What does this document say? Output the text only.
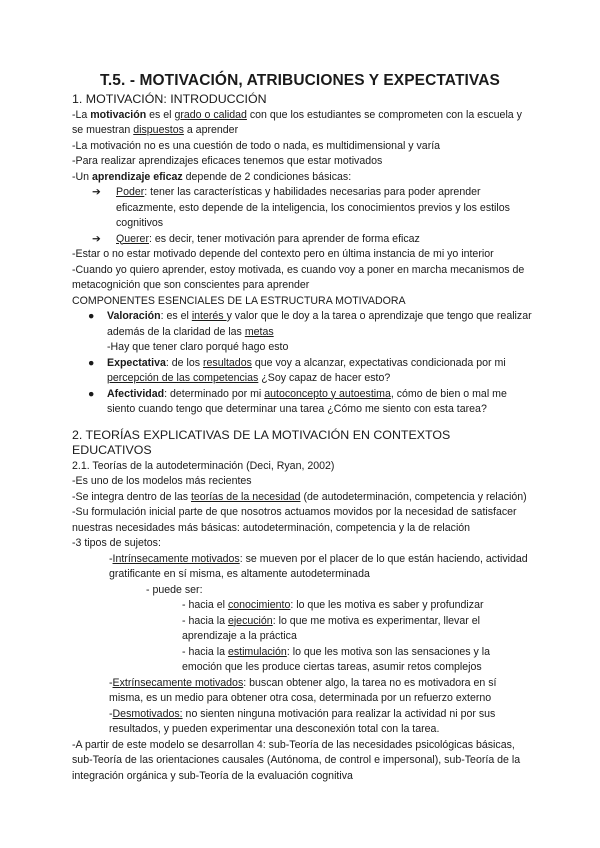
T.5. - MOTIVACIÓN, ATRIBUCIONES Y EXPECTATIVAS
1. MOTIVACIÓN: INTRODUCCIÓN

-La motivación es el grado o calidad con que los estudiantes se comprometen con la escuela y se muestran dispuestos a aprender

-La motivación no es una cuestión de todo o nada, es multidimensional y varía

-Para realizar aprendizajes eficaces tenemos que estar motivados

-Un aprendizaje eficaz depende de 2 condiciones básicas:

➔ Poder: tener las características y habilidades necesarias para poder aprender eficazmente, esto depende de la inteligencia, los conocimientos previos y los estilos cognitivos
➔ Querer: es decir, tener motivación para aprender de forma eficaz

-Estar o no estar motivado depende del contexto pero en última instancia de mi yo interior

-Cuando yo quiero aprender, estoy motivada, es cuando voy a poner en marcha mecanismos de metacognición que son conscientes para aprender

COMPONENTES ESENCIALES DE LA ESTRUCTURA MOTIVADORA

● Valoración: es el interés y valor que le doy a la tarea o aprendizaje que tengo que realizar además de la claridad de las metas
-Hay que tener claro porqué hago esto
● Expectativa: de los resultados que voy a alcanzar, expectativas condicionada por mi percepción de las competencias ¿Soy capaz de hacer esto?
● Afectividad: determinado por mi autoconcepto y autoestima, cómo de bien o mal me siento cuando tengo que determinar una tarea ¿Cómo me siento con esta tarea?
2. TEORÍAS EXPLICATIVAS DE LA MOTIVACIÓN EN CONTEXTOS EDUCATIVOS

2.1. Teorías de la autodeterminación (Deci, Ryan, 2002)

-Es uno de los modelos más recientes

-Se integra dentro de las teorías de la necesidad (de autodeterminación, competencia y relación)

-Su formulación inicial parte de que nosotros actuamos movidos por la necesidad de satisfacer nuestras necesidades más básicas: autodeterminación, competencia y la de relación

-3 tipos de sujetos:

-Intrínsecamente motivados: se mueven por el placer de lo que están haciendo, actividad gratificante en sí misma, es altamente autodeterminada

- puede ser:

- hacia el conocimiento: lo que les motiva es saber y profundizar

- hacia la ejecución: lo que me motiva es experimentar, llevar el aprendizaje a la práctica

- hacia la estimulación: lo que les motiva son las sensaciones y la emoción que les produce ciertas tareas, asumir retos complejos

-Extrínsecamente motivados: buscan obtener algo, la tarea no es motivadora en sí misma, es un medio para obtener otra cosa, determinada por un refuerzo externo

-Desmotivados: no sienten ninguna motivación para realizar la actividad ni por sus resultados, y pueden experimentar una desconexión total con la tarea.

-A partir de este modelo se desarrollan 4: sub-Teoría de las necesidades psicológicas básicas, sub-Teoría de las orientaciones causales (Autónoma, de control e impersonal), sub-Teoría de la integración orgánica y sub-Teoría de la evaluación cognitiva
